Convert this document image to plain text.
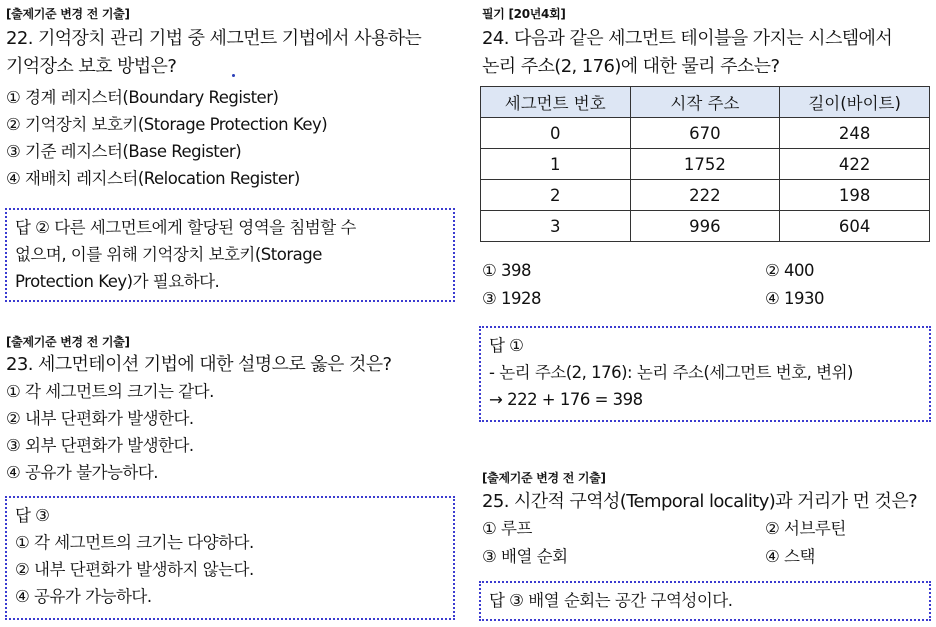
[출제기준 변경 전 기출]
22. 기억장치 관리 기법 중 세그먼트 기법에서 사용하는
기억장소 보호 방법은?
① 경계 레지스터(Boundary Register)
② 기억장치 보호키(Storage Protection Key)
③ 기준 레지스터(Base Register)
④ 재배치 레지스터(Relocation Register)
답 ② 다른 세그먼트에게 할당된 영역을 침범할 수
없으며, 이를 위해 기억장치 보호키(Storage
Protection Key)가 필요하다.
[출제기준 변경 전 기출]
23. 세그먼테이션 기법에 대한 설명으로 옳은 것은?
① 각 세그먼트의 크기는 같다.
② 내부 단편화가 발생한다.
③ 외부 단편화가 발생한다.
④ 공유가 불가능하다.
답 ③
① 각 세그먼트의 크기는 다양하다.
② 내부 단편화가 발생하지 않는다.
④ 공유가 가능하다.
필기 [20년4회]
24. 다음과 같은 세그먼트 테이블을 가지는 시스템에서
논리 주소(2, 176)에 대한 물리 주소는?
세그먼트 번호	시작 주소	길이(바이트)
0	670	248
1	1752	422
2	222	198
3	996	604
① 398	② 400
③ 1928	④ 1930
답 ①
- 논리 주소(2, 176): 논리 주소(세그먼트 번호, 변위)
→ 222 + 176 = 398
[출제기준 변경 전 기출]
25. 시간적 구역성(Temporal locality)과 거리가 먼 것은?
① 루프	② 서브루틴
③ 배열 순회	④ 스택
답 ③ 배열 순회는 공간 구역성이다.
